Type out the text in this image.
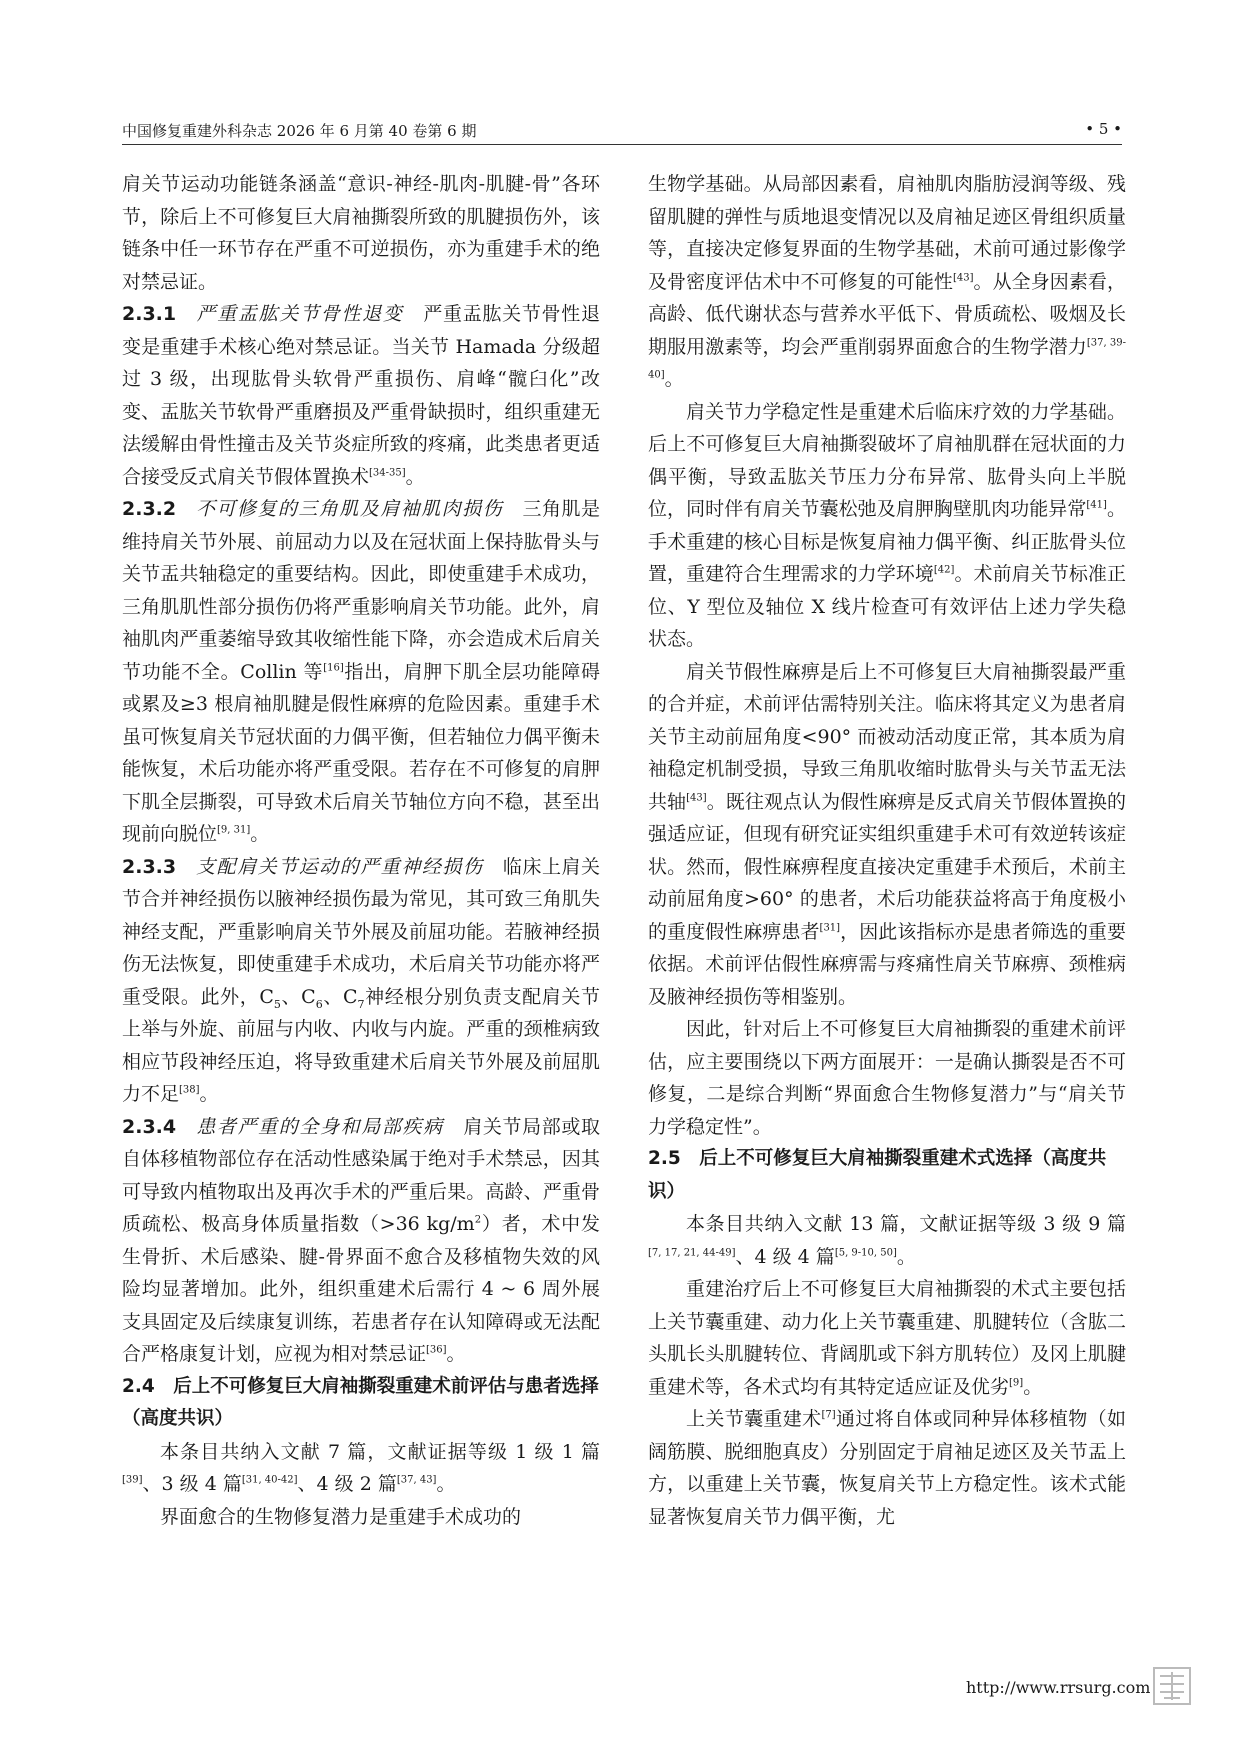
中国修复重建外科杂志 2026 年 6 月第 40 卷第 6 期	• 5 •

肩关节运动功能链条涵盖“意识-神经-肌肉-肌腱-骨”各环节，除后上不可修复巨大肩袖撕裂所致的肌腱损伤外，该链条中任一环节存在严重不可逆损伤，亦为重建手术的绝对禁忌证。

2.3.1　 严重盂肱关节骨性退变　 严重盂肱关节骨性退变是重建手术核心绝对禁忌证。当关节 Hamada 分级超过 3 级，出现肱骨头软骨严重损伤、肩峰“髋臼化”改变、盂肱关节软骨严重磨损及严重骨缺损时，组织重建无法缓解由骨性撞击及关节炎症所致的疼痛，此类患者更适合接受反式肩关节假体置换术[34-35]。

2.3.2　 不可修复的三角肌及肩袖肌肉损伤　 三角肌是维持肩关节外展、前屈动力以及在冠状面上保持肱骨头与关节盂共轴稳定的重要结构。因此，即使重建手术成功，三角肌肌性部分损伤仍将严重影响肩关节功能。此外，肩袖肌肉严重萎缩导致其收缩性能下降，亦会造成术后肩关节功能不全。Collin 等[16]指出，肩胛下肌全层功能障碍或累及≥3 根肩袖肌腱是假性麻痹的危险因素。重建手术虽可恢复肩关节冠状面的力偶平衡，但若轴位力偶平衡未能恢复，术后功能亦将严重受限。若存在不可修复的肩胛下肌全层撕裂，可导致术后肩关节轴位方向不稳，甚至出现前向脱位[9, 31]。

2.3.3　 支配肩关节运动的严重神经损伤　 临床上肩关节合并神经损伤以腋神经损伤最为常见，其可致三角肌失神经支配，严重影响肩关节外展及前屈功能。若腋神经损伤无法恢复，即使重建手术成功，术后肩关节功能亦将严重受限。此外，$C_5$、$C_6$、$C_7$神经根分别负责支配肩关节上举与外旋、前屈与内收、内收与内旋。严重的颈椎病致相应节段神经压迫，将导致重建术后肩关节外展及前屈肌力不足[38]。

2.3.4　 患者严重的全身和局部疾病　 肩关节局部或取自体移植物部位存在活动性感染属于绝对手术禁忌，因其可导致内植物取出及再次手术的严重后果。高龄、严重骨质疏松、极高身体质量指数（>36 $kg/m^2$）者，术中发生骨折、术后感染、腱-骨界面不愈合及移植物失效的风险均显著增加。此外，组织重建术后需行 4 ~ 6 周外展支具固定及后续康复训练，若患者存在认知障碍或无法配合严格康复计划，应视为相对禁忌证[36]。

2.4　后上不可修复巨大肩袖撕裂重建术前评估与患者选择（高度共识）

本条目共纳入文献 7 篇，文献证据等级 1 级 1 篇[39]、3 级 4 篇[31, 40-42]、4 级 2 篇[37, 43]。

界面愈合的生物修复潜力是重建手术成功的

生物学基础。从局部因素看，肩袖肌肉脂肪浸润等级、残留肌腱的弹性与质地退变情况以及肩袖足迹区骨组织质量等，直接决定修复界面的生物学基础，术前可通过影像学及骨密度评估术中不可修复的可能性[43]。从全身因素看，高龄、低代谢状态与营养水平低下、骨质疏松、吸烟及长期服用激素等，均会严重削弱界面愈合的生物学潜力[37, 39-40]。

肩关节力学稳定性是重建术后临床疗效的力学基础。后上不可修复巨大肩袖撕裂破坏了肩袖肌群在冠状面的力偶平衡，导致盂肱关节压力分布异常、肱骨头向上半脱位，同时伴有肩关节囊松弛及肩胛胸壁肌肉功能异常[41]。手术重建的核心目标是恢复肩袖力偶平衡、纠正肱骨头位置，重建符合生理需求的力学环境[42]。术前肩关节标准正位、Y 型位及轴位 X 线片检查可有效评估上述力学失稳状态。

肩关节假性麻痹是后上不可修复巨大肩袖撕裂最严重的合并症，术前评估需特别关注。临床将其定义为患者肩关节主动前屈角度<90° 而被动活动度正常，其本质为肩袖稳定机制受损，导致三角肌收缩时肱骨头与关节盂无法共轴[43]。既往观点认为假性麻痹是反式肩关节假体置换的强适应证，但现有研究证实组织重建手术可有效逆转该症状。然而，假性麻痹程度直接决定重建手术预后，术前主动前屈角度>60° 的患者，术后功能获益将高于角度极小的重度假性麻痹患者[31]，因此该指标亦是患者筛选的重要依据。术前评估假性麻痹需与疼痛性肩关节麻痹、颈椎病及腋神经损伤等相鉴别。

因此，针对后上不可修复巨大肩袖撕裂的重建术前评估，应主要围绕以下两方面展开：一是确认撕裂是否不可修复，二是综合判断“界面愈合生物修复潜力”与“肩关节力学稳定性”。

2.5　后上不可修复巨大肩袖撕裂重建术式选择（高度共识）

本条目共纳入文献 13 篇，文献证据等级 3 级 9 篇[7, 17, 21, 44-49]、4 级 4 篇[5, 9-10, 50]。

重建治疗后上不可修复巨大肩袖撕裂的术式主要包括上关节囊重建、动力化上关节囊重建、肌腱转位（含肱二头肌长头肌腱转位、背阔肌或下斜方肌转位）及冈上肌腱重建术等，各术式均有其特定适应证及优劣[9]。

上关节囊重建术[7]通过将自体或同种异体移植物（如阔筋膜、脱细胞真皮）分别固定于肩袖足迹区及关节盂上方，以重建上关节囊，恢复肩关节上方稳定性。该术式能显著恢复肩关节力偶平衡，尤

http://www.rrsurg.com
